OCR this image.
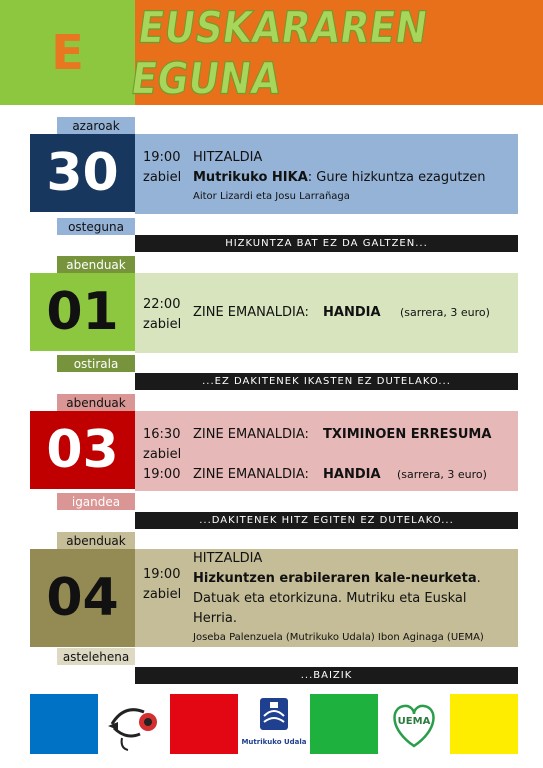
E	EUSKARAREN EGUNA
azaroak
30
osteguna
19:00
zabiel
HITZALDIA
Mutrikuko HIKA: Gure hizkuntza ezagutzen
Aitor Lizardi eta Josu Larrañaga
HIZKUNTZA BAT EZ DA GALTZEN...
abenduak
01
ostirala
22:00
zabiel
ZINE EMANALDIA: HANDIA (sarrera, 3 euro)
...EZ DAKITENEK IKASTEN EZ DUTELAKO...
abenduak
03
igandea
16:30
zabiel
19:00
ZINE EMANALDIA: TXIMINOEN ERRESUMA
ZINE EMANALDIA: HANDIA (sarrera, 3 euro)
...DAKITENEK HITZ EGITEN EZ DUTELAKO...
abenduak
04
astelehena
19:00
zabiel
HITZALDIA
Hizkuntzen erabileraren kale-neurketa.
Datuak eta etorkizuna. Mutriku eta Euskal
Herria.
Joseba Palenzuela (Mutrikuko Udala) Ibon Aginaga (UEMA)
...BAIZIK
Mutrikuko Udala
UEMA
